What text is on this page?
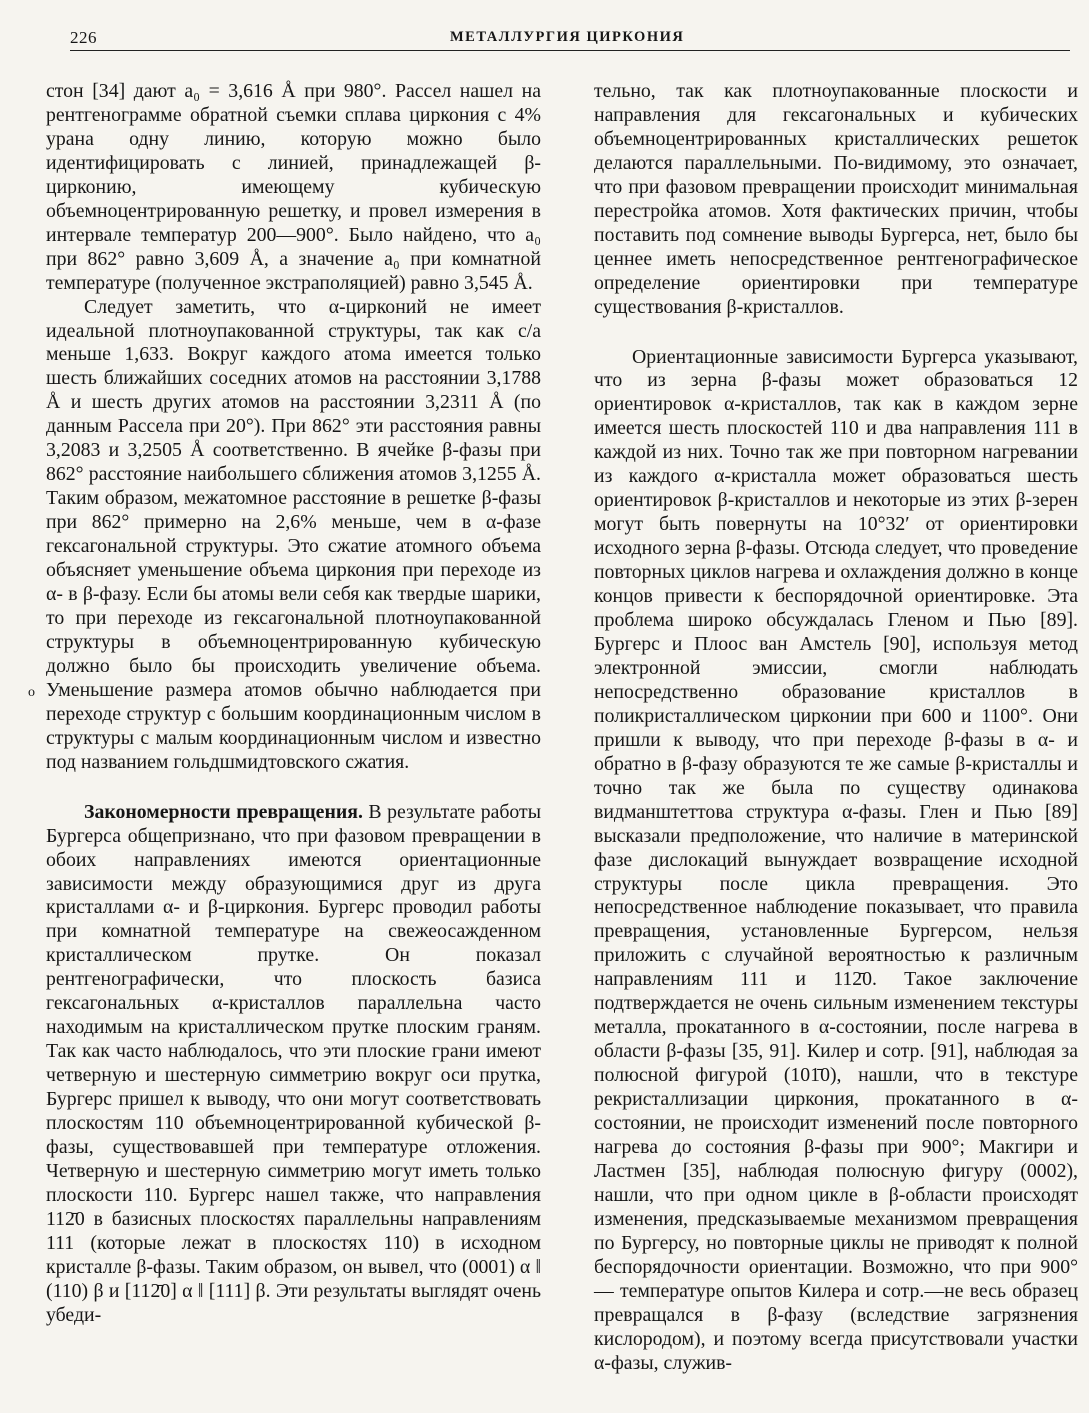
226	МЕТАЛЛУРГИЯ ЦИРКОНИЯ
o

стон [34] дают a₀ = 3,616 Å при 980°. Рассел нашел на рентгенограмме обратной съемки сплава циркония с 4% урана одну линию, которую можно было идентифицировать с линией, принадлежащей β-цирконию, имеющему кубическую объемноцентрированную решетку, и провел измерения в интервале температур 200—900°. Было найдено, что a₀ при 862° равно 3,609 Å, а значение a₀ при комнатной температуре (полученное экстраполяцией) равно 3,545 Å.

Следует заметить, что α-цирконий не имеет идеальной плотноупакованной структуры, так как c/a меньше 1,633. Вокруг каждого атома имеется только шесть ближайших соседних атомов на расстоянии 3,1788 Å и шесть других атомов на расстоянии 3,2311 Å (по данным Рассела при 20°). При 862° эти расстояния равны 3,2083 и 3,2505 Å соответственно. В ячейке β-фазы при 862° расстояние наибольшего сближения атомов 3,1255 Å. Таким образом, межатомное расстояние в решетке β-фазы при 862° примерно на 2,6% меньше, чем в α-фазе гексагональной структуры. Это сжатие атомного объема объясняет уменьшение объема циркония при переходе из α- в β-фазу. Если бы атомы вели себя как твердые шарики, то при переходе из гексагональной плотноупакованной структуры в объемноцентрированную кубическую должно было бы происходить увеличение объема. Уменьшение размера атомов обычно наблюдается при переходе структур с большим координационным числом в структуры с малым координационным числом и известно под названием гольдшмидтовского сжатия.

Закономерности превращения. В результате работы Бургерса общепризнано, что при фазовом превращении в обоих направлениях имеются ориентационные зависимости между образующимися друг из друга кристаллами α- и β-циркония. Бургерс проводил работы при комнатной температуре на свежеосажденном кристаллическом прутке. Он показал рентгенографически, что плоскость базиса гексагональных α-кристаллов параллельна часто находимым на кристаллическом прутке плоским граням. Так как часто наблюдалось, что эти плоские грани имеют четверную и шестерную симметрию вокруг оси прутка, Бургерс пришел к выводу, что они могут соответствовать плоскостям 110 объемноцентрированной кубической β-фазы, существовавшей при температуре отложения. Четверную и шестерную симметрию могут иметь только плоскости 110. Бургерс нашел также, что направления 112̄0 в базисных плоскостях параллельны направлениям 111 (которые лежат в плоскостях 110) в исходном кристалле β-фазы. Таким образом, он вывел, что (0001) α ‖ (110) β и [112̄0] α ‖ [111] β. Эти результаты выглядят очень убеди-

тельно, так как плотноупакованные плоскости и направления для гексагональных и кубических объемноцентрированных кристаллических решеток делаются параллельными. По-видимому, это означает, что при фазовом превращении происходит минимальная перестройка атомов. Хотя фактических причин, чтобы поставить под сомнение выводы Бургерса, нет, было бы ценнее иметь непосредственное рентгенографическое определение ориентировки при температуре существования β-кристаллов.

Ориентационные зависимости Бургерса указывают, что из зерна β-фазы может образоваться 12 ориентировок α-кристаллов, так как в каждом зерне имеется шесть плоскостей 110 и два направления 111 в каждой из них. Точно так же при повторном нагревании из каждого α-кристалла может образоваться шесть ориентировок β-кристаллов и некоторые из этих β-зерен могут быть повернуты на 10°32′ от ориентировки исходного зерна β-фазы. Отсюда следует, что проведение повторных циклов нагрева и охлаждения должно в конце концов привести к беспорядочной ориентировке. Эта проблема широко обсуждалась Гленом и Пью [89]. Бургерс и Плоос ван Амстель [90], используя метод электронной эмиссии, смогли наблюдать непосредственно образование кристаллов в поликристаллическом цирконии при 600 и 1100°. Они пришли к выводу, что при переходе β-фазы в α- и обратно в β-фазу образуются те же самые β-кристаллы и точно так же была по существу одинакова видманштеттова структура α-фазы. Глен и Пью [89] высказали предположение, что наличие в материнской фазе дислокаций вынуждает возвращение исходной структуры после цикла превращения. Это непосредственное наблюдение показывает, что правила превращения, установленные Бургерсом, нельзя приложить с случайной вероятностью к различным направлениям 111 и 112̄0. Такое заключение подтверждается не очень сильным изменением текстуры металла, прокатанного в α-состоянии, после нагрева в области β-фазы [35, 91]. Килер и сотр. [91], наблюдая за полюсной фигурой (101̄0), нашли, что в текстуре рекристаллизации циркония, прокатанного в α-состоянии, не происходит изменений после повторного нагрева до состояния β-фазы при 900°; Макгири и Ластмен [35], наблюдая полюсную фигуру (0002), нашли, что при одном цикле в β-области происходят изменения, предсказываемые механизмом превращения по Бургерсу, но повторные циклы не приводят к полной беспорядочности ориентации. Возможно, что при 900° — температуре опытов Килера и сотр.—не весь образец превращался в β-фазу (вследствие загрязнения кислородом), и поэтому всегда присутствовали участки α-фазы, служив-
